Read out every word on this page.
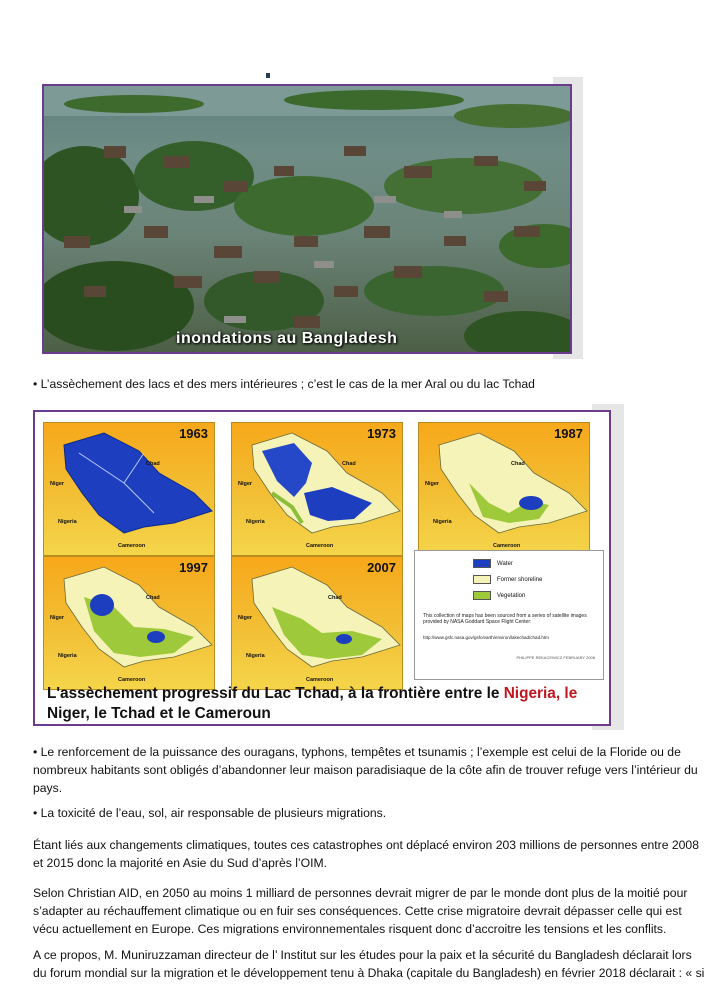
inondations au Bangladesh

• L’assèchement des lacs et des mers intérieures ; c’est le cas de la mer Aral ou du lac Tchad

1963
Chad
Niger
Nigeria
Cameroon
1973
Chad
Niger
Nigeria
Cameroon
1987
Chad
Niger
Nigeria
Cameroon
1997
Chad
Niger
Nigeria
Cameroon
2007
Chad
Niger
Nigeria
Cameroon
Water
Former shoreline
Vegetation
This collection of maps has been sourced from a series of satellite images provided by NASA Goddard Space Flight Center:
http://www.gsfc.nasa.gov/gsfc/earth/environ/lakechad/chad.htm
PHILIPPE REKACEWICZ FEBRUARY 2008
L'assèchement progressif du Lac Tchad, à la frontière entre le Nigeria, le
Niger, le Tchad et le Cameroun

• Le renforcement de la puissance des ouragans, typhons, tempêtes et tsunamis ; l’exemple est celui de la Floride ou de nombreux habitants sont obligés d’abandonner leur maison paradisiaque de la côte afin de trouver refuge vers l’intérieur du pays.

• La toxicité de l’eau, sol, air responsable de plusieurs migrations.

Étant liés aux changements climatiques, toutes ces catastrophes ont déplacé environ 203 millions de personnes entre 2008 et 2015 donc la majorité en Asie du Sud d’après l’OIM.

Selon Christian AID, en 2050 au moins 1 milliard de personnes devrait migrer de par le monde dont plus de la moitié pour s’adapter au réchauffement climatique ou en fuir ses conséquences. Cette crise migratoire devrait dépasser celle qui est vécu actuellement en Europe. Ces migrations environnementales risquent donc d’accroitre les tensions et les conflits.

A ce propos, M. Muniruzzaman directeur de l’ Institut sur les études pour la paix et la sécurité du Bangladesh déclarait lors du forum mondial sur la migration et le développement tenu à Dhaka (capitale du Bangladesh) en février 2018 déclarait : « si
